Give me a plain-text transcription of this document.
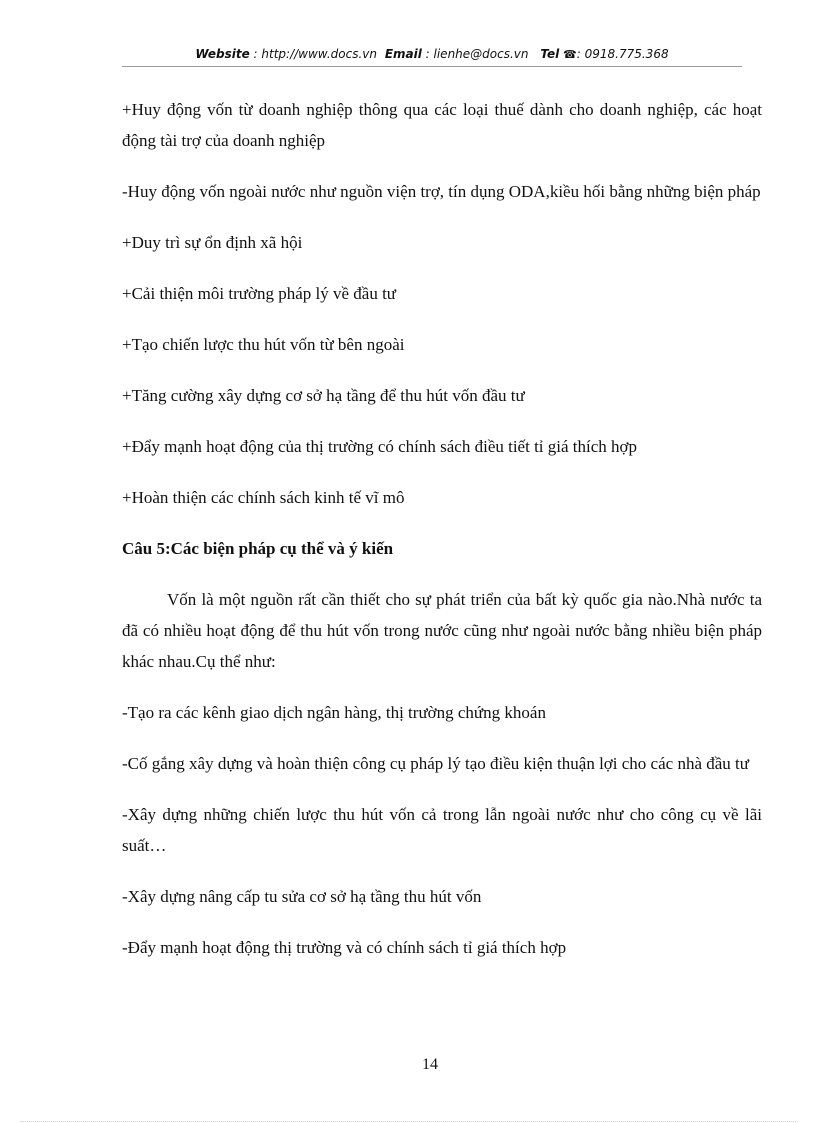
Website : http://www.docs.vn Email : lienhe@docs.vn Tel ☎: 0918.775.368

+Huy động vốn từ doanh nghiệp thông qua các loại thuế dành cho doanh nghiệp, các hoạt động tài trợ của doanh nghiệp

-Huy động vốn ngoài nước như nguồn viện trợ, tín dụng ODA,kiều hối bằng những biện pháp

+Duy trì sự ổn định xã hội

+Cải thiện môi trường pháp lý về đầu tư

+Tạo chiến lược thu hút vốn từ bên ngoài

+Tăng cường xây dựng cơ sở hạ tầng để thu hút vốn đầu tư

+Đẩy mạnh hoạt động của thị trường có chính sách điều tiết tỉ giá thích hợp

+Hoàn thiện các chính sách kinh tế vĩ mô

Câu 5:Các biện pháp cụ thể và ý kiến

Vốn là một nguồn rất cần thiết cho sự phát triển của bất kỳ quốc gia nào.Nhà nước ta đã có nhiều hoạt động để thu hút vốn trong nước cũng như ngoài nước bằng nhiều biện pháp khác nhau.Cụ thể như:

-Tạo ra các kênh giao dịch ngân hàng, thị trường chứng khoán

-Cố gắng xây dựng và hoàn thiện công cụ pháp lý tạo điều kiện thuận lợi cho các nhà đầu tư

-Xây dựng những chiến lược thu hút vốn cả trong lẫn ngoài nước như cho công cụ về lãi suất…

-Xây dựng nâng cấp tu sửa cơ sở hạ tầng thu hút vốn

-Đẩy mạnh hoạt động thị trường và có chính sách tỉ giá thích hợp

14
